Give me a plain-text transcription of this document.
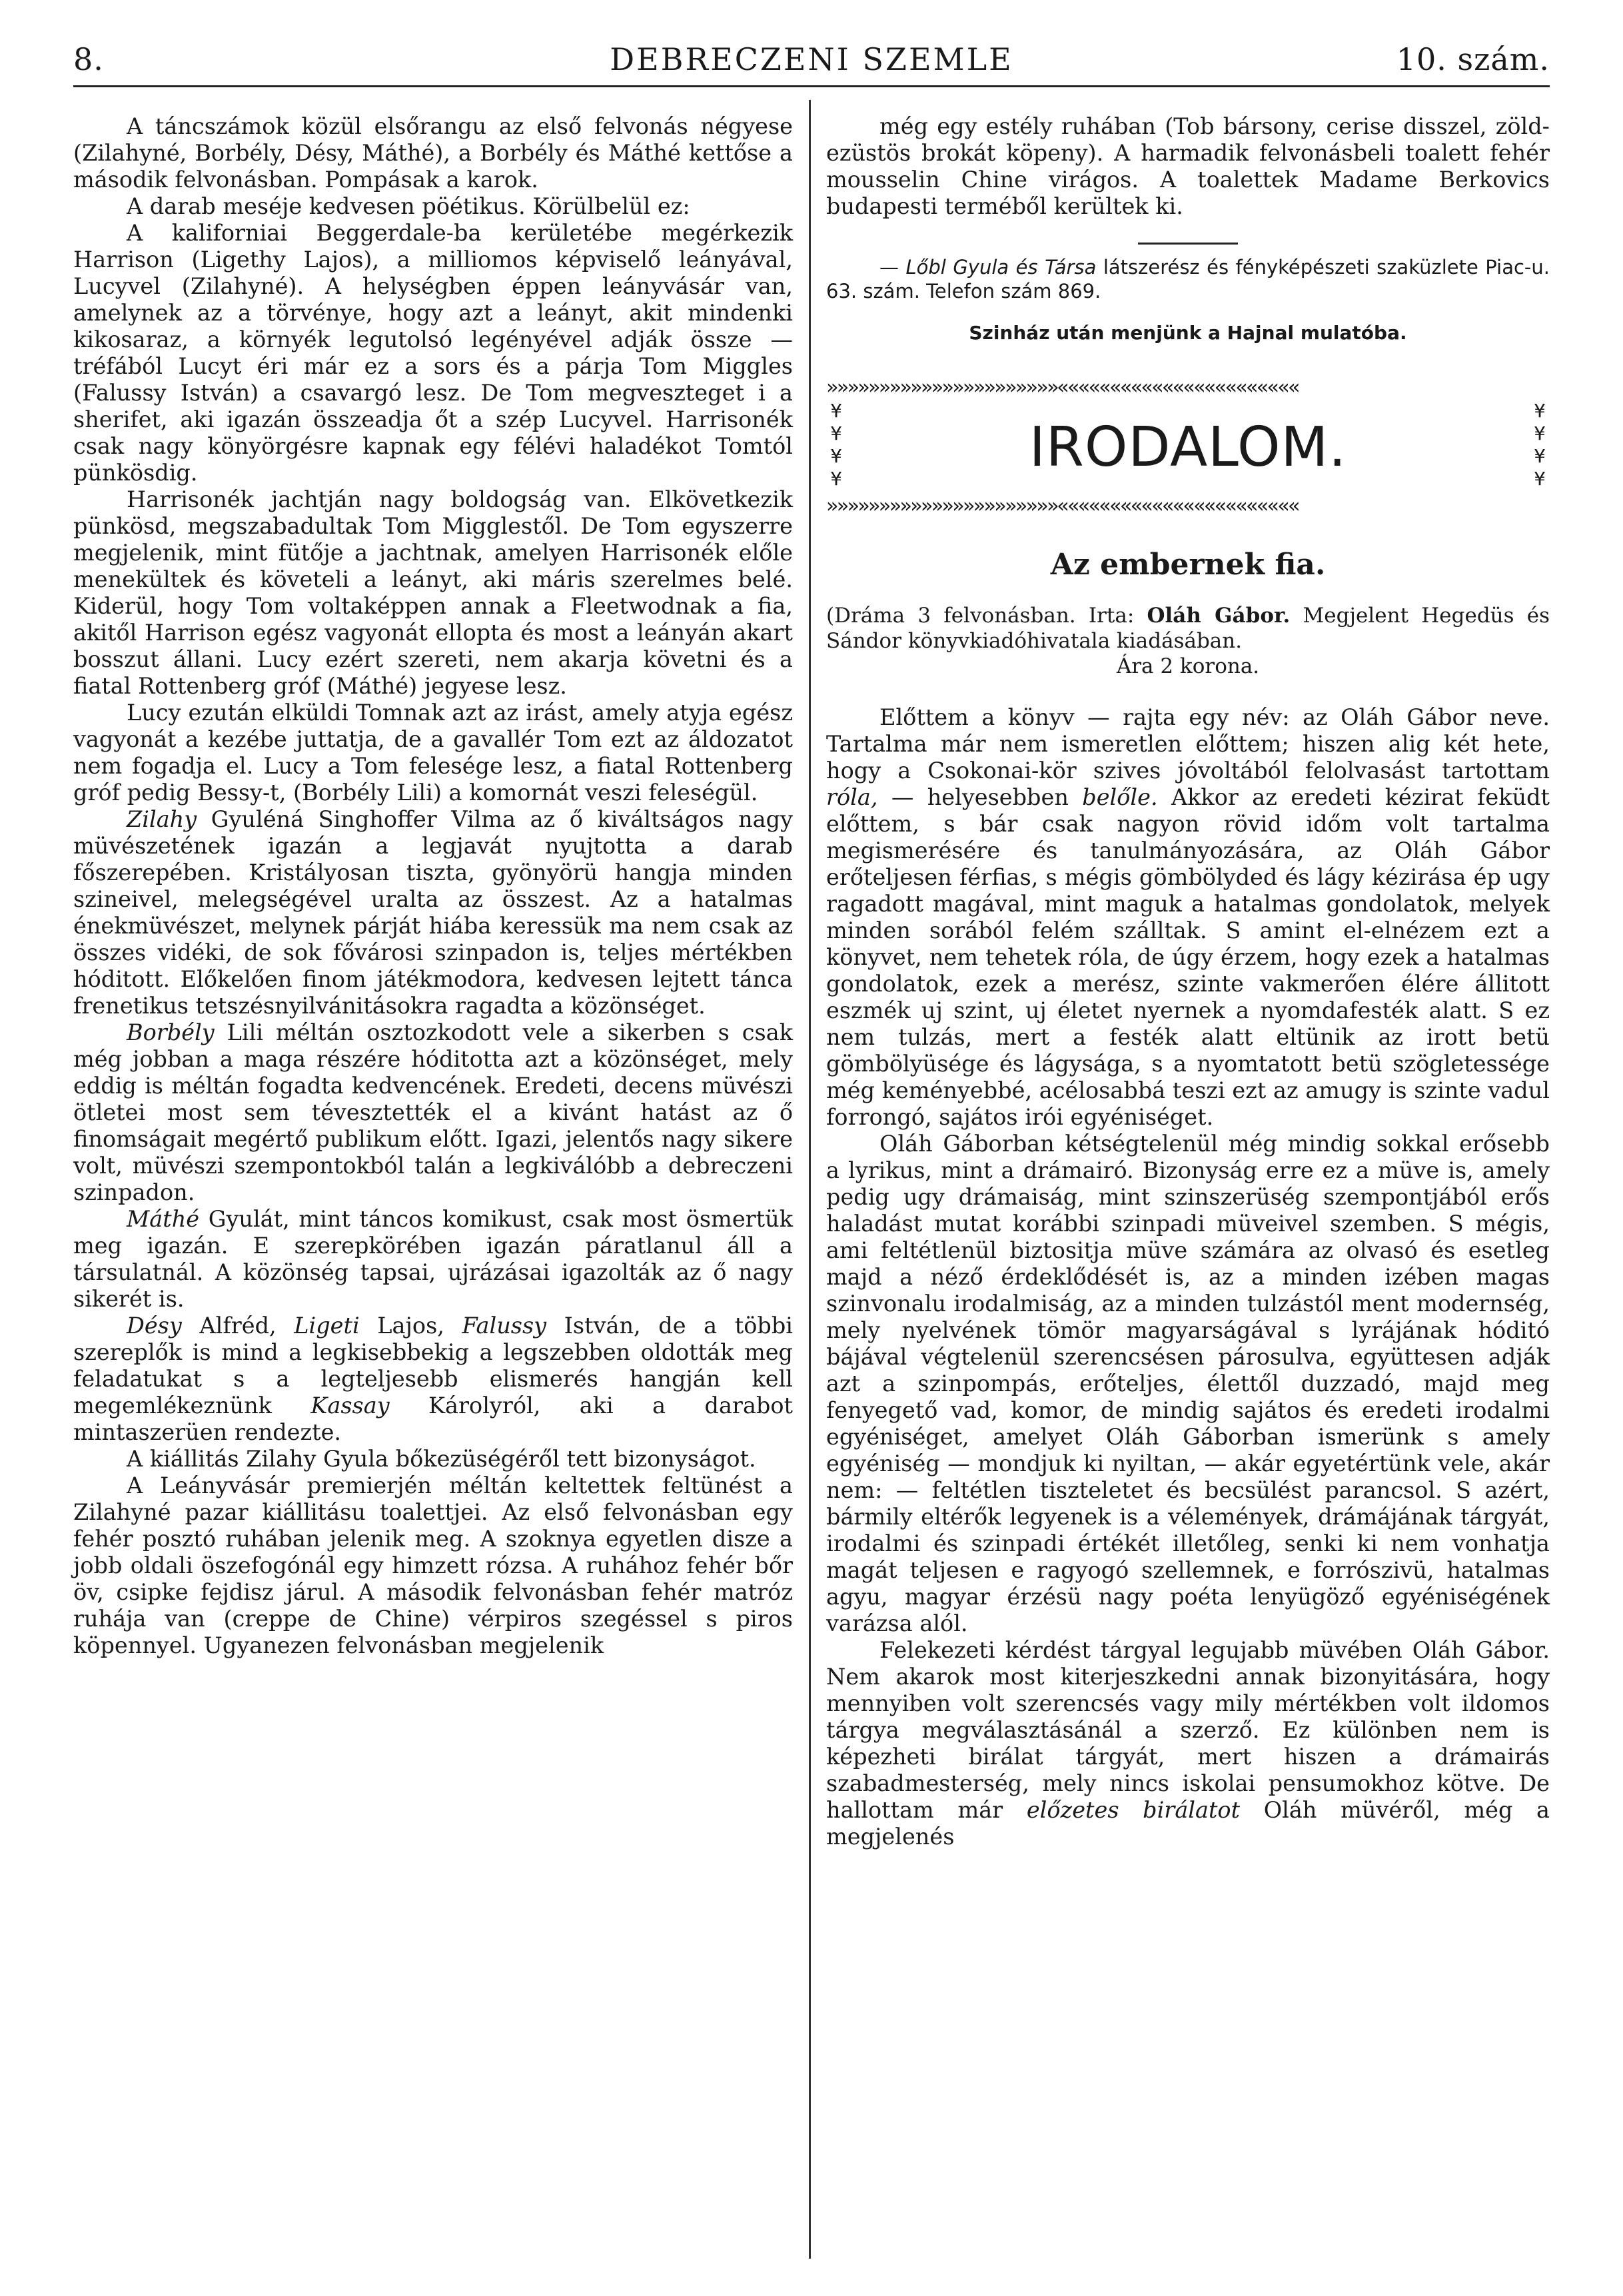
8.	DEBRECZENI SZEMLE	10. szám.

A táncszámok közül elsőrangu az első felvonás négyese (Zilahyné, Borbély, Désy, Máthé), a Borbély és Máthé kettőse a második felvonásban. Pompásak a karok.

A darab meséje kedvesen pöétikus. Körülbelül ez:

A kaliforniai Beggerdale-ba kerületébe megérkezik Harrison (Ligethy Lajos), a milliomos képviselő leányával, Lucyvel (Zilahyné). A helységben éppen leányvásár van, amelynek az a törvénye, hogy azt a leányt, akit mindenki kikosaraz, a környék legutolsó legényével adják össze — tréfából Lucyt éri már ez a sors és a párja Tom Miggles (Falussy István) a csavargó lesz. De Tom megveszteget i a sherifet, aki igazán összeadja őt a szép Lucyvel. Harrisonék csak nagy könyörgésre kapnak egy félévi haladékot Tomtól pünkösdig.

Harrisonék jachtján nagy boldogság van. Elkövetkezik pünkösd, megszabadultak Tom Migglestől. De Tom egyszerre megjelenik, mint fütője a jachtnak, amelyen Harrisonék előle menekültek és követeli a leányt, aki máris szerelmes belé. Kiderül, hogy Tom voltaképpen annak a Fleetwodnak a fia, akitől Harrison egész vagyonát ellopta és most a leányán akart bosszut állani. Lucy ezért szereti, nem akarja követni és a fiatal Rottenberg gróf (Máthé) jegyese lesz.

Lucy ezután elküldi Tomnak azt az irást, amely atyja egész vagyonát a kezébe juttatja, de a gavallér Tom ezt az áldozatot nem fogadja el. Lucy a Tom felesége lesz, a fiatal Rottenberg gróf pedig Bessy-t, (Borbély Lili) a komornát veszi feleségül.

Zilahy Gyuléná Singhoffer Vilma az ő kiváltságos nagy müvészetének igazán a legjavát nyujtotta a darab főszerepében. Kristályosan tiszta, gyönyörü hangja minden szineivel, melegségével uralta az összest. Az a hatalmas énekmüvészet, melynek párját hiába keressük ma nem csak az összes vidéki, de sok fővárosi szinpadon is, teljes mértékben hóditott. Előkelően finom játékmodora, kedvesen lejtett tánca frenetikus tetszésnyilvánitásokra ragadta a közönséget.

Borbély Lili méltán osztozkodott vele a sikerben s csak még jobban a maga részére hóditotta azt a közönséget, mely eddig is méltán fogadta kedvencének. Eredeti, decens müvészi ötletei most sem tévesztették el a kivánt hatást az ő finomságait megértő publikum előtt. Igazi, jelentős nagy sikere volt, müvészi szempontokból talán a legkiválóbb a debreczeni szinpadon.

Máthé Gyulát, mint táncos komikust, csak most ösmertük meg igazán. E szerepkörében igazán páratlanul áll a társulatnál. A közönség tapsai, ujrázásai igazolták az ő nagy sikerét is.

Désy Alfréd, Ligeti Lajos, Falussy István, de a többi szereplők is mind a legkisebbekig a legszebben oldották meg feladatukat s a legteljesebb elismerés hangján kell megemlékeznünk Kassay Károlyról, aki a darabot mintaszerüen rendezte.

A kiállitás Zilahy Gyula bőkezüségéről tett bizonyságot.

A Leányvásár premierjén méltán keltettek feltünést a Zilahyné pazar kiállitásu toalettjei. Az első felvonásban egy fehér posztó ruhában jelenik meg. A szoknya egyetlen disze a jobb oldali öszefogónál egy himzett rózsa. A ruhához fehér bőr öv, csipke fejdisz járul. A második felvonásban fehér matróz ruhája van (creppe de Chine) vérpiros szegéssel s piros köpennyel. Ugyanezen felvonásban megjelenik

még egy estély ruhában (Tob bársony, cerise disszel, zöld-ezüstös brokát köpeny). A harmadik felvonásbeli toalett fehér mousselin Chine virágos. A toalettek Madame Berkovics budapesti terméből kerültek ki.

— Lőbl Gyula és Társa látszerész és fényképészeti szaküzlete Piac-u. 63. szám. Telefon szám 869.
Szinház után menjünk a Hajnal mulatóba.
»»»»»»»»»»»»»»»»»»»»»»«««««««««««««««««««««««
¥
¥
¥
¥	IRODALOM.
¥
¥
¥
¥
»»»»»»»»»»»»»»»»»»»»»»«««««««««««««««««««««««
Az embernek fia.
(Dráma 3 felvonásban. Irta: Oláh Gábor. Megjelent Hegedüs és Sándor könyvkiadóhivatala kiadásában.
Ára 2 korona.

Előttem a könyv — rajta egy név: az Oláh Gábor neve. Tartalma már nem ismeretlen előttem; hiszen alig két hete, hogy a Csokonai-kör szives jóvoltából felolvasást tartottam róla, — helyesebben belőle. Akkor az eredeti kézirat feküdt előttem, s bár csak nagyon rövid időm volt tartalma megismerésére és tanulmányozására, az Oláh Gábor erőteljesen férfias, s mégis gömbölyded és lágy kézirása ép ugy ragadott magával, mint maguk a hatalmas gondolatok, melyek minden sorából felém szálltak. S amint el-elnézem ezt a könyvet, nem tehetek róla, de úgy érzem, hogy ezek a hatalmas gondolatok, ezek a merész, szinte vakmerően élére állitott eszmék uj szint, uj életet nyernek a nyomdafesték alatt. S ez nem tulzás, mert a festék alatt eltünik az irott betü gömbölyüsége és lágysága, s a nyomtatott betü szögletessége még keményebbé, acélosabbá teszi ezt az amugy is szinte vadul forrongó, sajátos irói egyéniséget.

Oláh Gáborban kétségtelenül még mindig sokkal erősebb a lyrikus, mint a drámairó. Bizonyság erre ez a müve is, amely pedig ugy drámaiság, mint szinszerüség szempontjából erős haladást mutat korábbi szinpadi müveivel szemben. S mégis, ami feltétlenül biztositja müve számára az olvasó és esetleg majd a néző érdeklődését is, az a minden izében magas szinvonalu irodalmiság, az a minden tulzástól ment modernség, mely nyelvének tömör magyarságával s lyrájának hóditó bájával végtelenül szerencsésen párosulva, együttesen adják azt a szinpompás, erőteljes, élettől duzzadó, majd meg fenyegető vad, komor, de mindig sajátos és eredeti irodalmi egyéniséget, amelyet Oláh Gáborban ismerünk s amely egyéniség — mondjuk ki nyiltan, — akár egyetértünk vele, akár nem: — feltétlen tiszteletet és becsülést parancsol. S azért, bármily eltérők legyenek is a vélemények, drámájának tárgyát, irodalmi és szinpadi értékét illetőleg, senki ki nem vonhatja magát teljesen e ragyogó szellemnek, e forrószivü, hatalmas agyu, magyar érzésü nagy poéta lenyügöző egyéniségének varázsa alól.

Felekezeti kérdést tárgyal legujabb müvében Oláh Gábor. Nem akarok most kiterjeszkedni annak bizonyitására, hogy mennyiben volt szerencsés vagy mily mértékben volt ildomos tárgya megválasztásánál a szerző. Ez különben nem is képezheti birálat tárgyát, mert hiszen a drámairás szabadmesterség, mely nincs iskolai pensumokhoz kötve. De hallottam már előzetes birálatot Oláh müvéről, még a megjelenés
